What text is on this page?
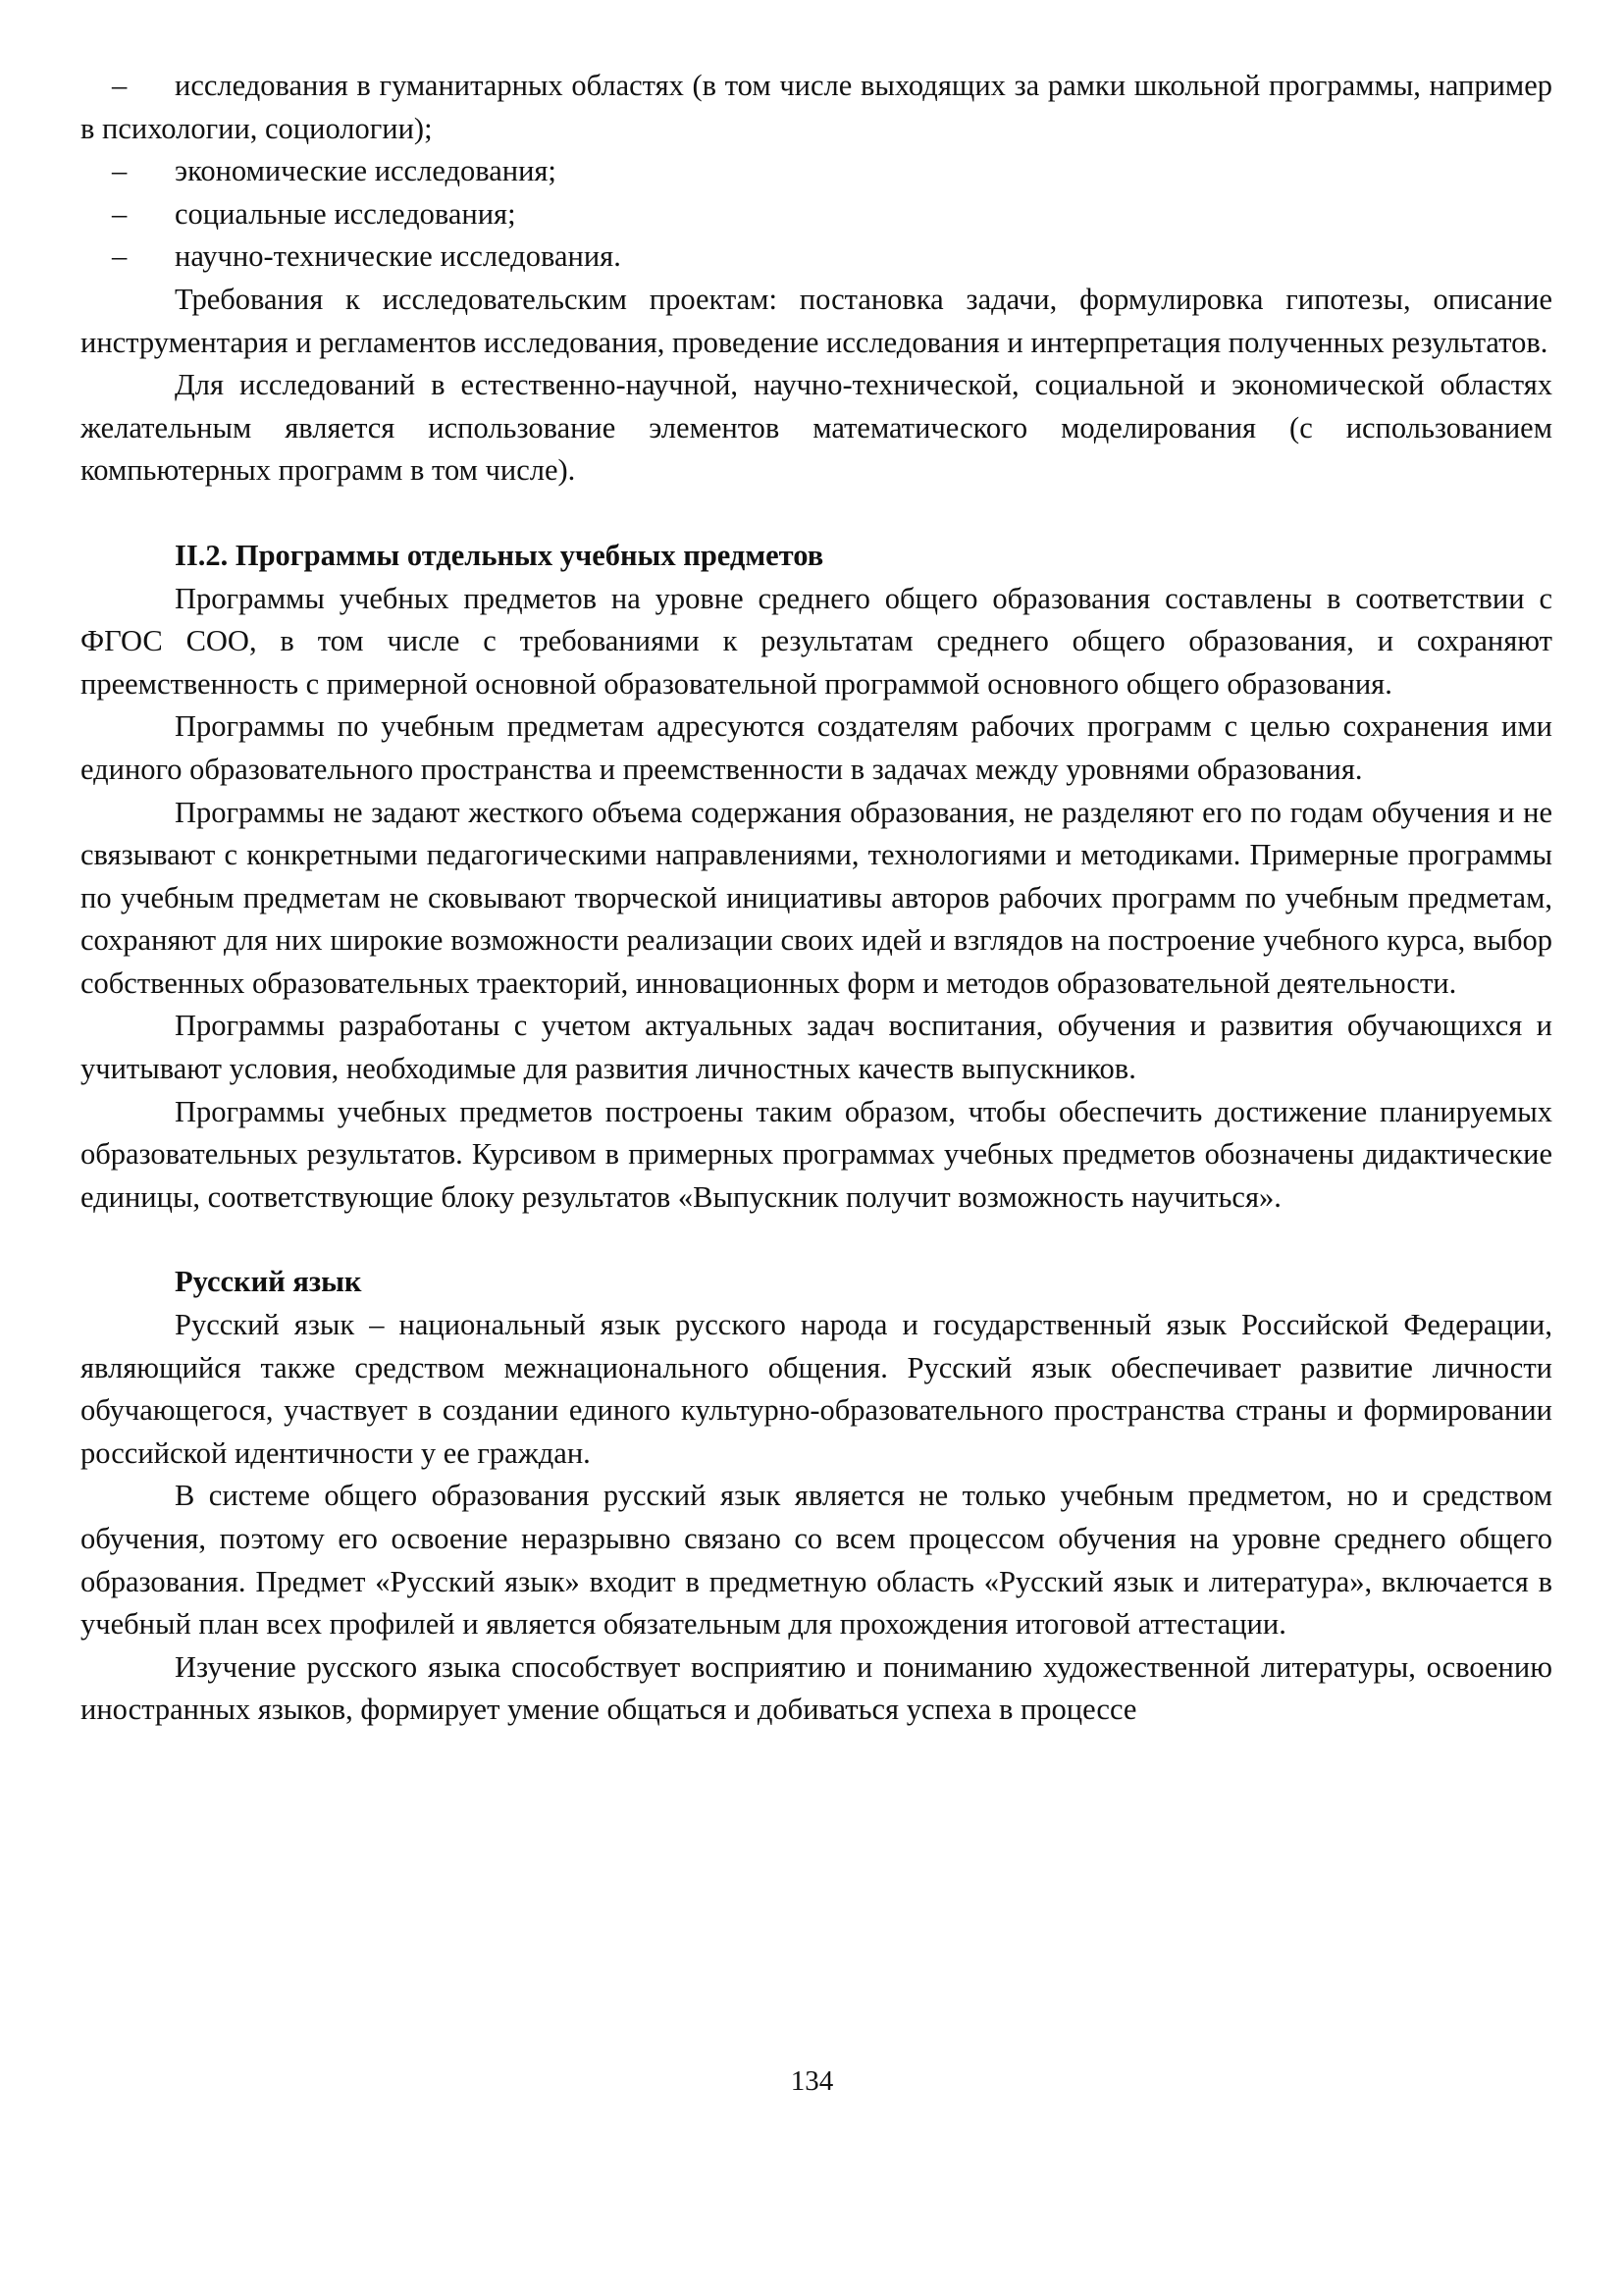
– исследования в гуманитарных областях (в том числе выходящих за рамки школьной программы, например в психологии, социологии);
– экономические исследования;
– социальные исследования;
– научно-технические исследования.

Требования к исследовательским проектам: постановка задачи, формулировка гипотезы, описание инструментария и регламентов исследования, проведение исследования и интерпретация полученных результатов.

Для исследований в естественно-научной, научно-технической, социальной и экономической областях желательным является использование элементов математического моделирования (с использованием компьютерных программ в том числе).

II.2. Программы отдельных учебных предметов

Программы учебных предметов на уровне среднего общего образования составлены в соответствии с ФГОС СОО, в том числе с требованиями к результатам среднего общего образования, и сохраняют преемственность с примерной основной образовательной программой основного общего образования.

Программы по учебным предметам адресуются создателям рабочих программ с целью сохранения ими единого образовательного пространства и преемственности в задачах между уровнями образования.

Программы не задают жесткого объема содержания образования, не разделяют его по годам обучения и не связывают с конкретными педагогическими направлениями, технологиями и методиками. Примерные программы по учебным предметам не сковывают творческой инициативы авторов рабочих программ по учебным предметам, сохраняют для них широкие возможности реализации своих идей и взглядов на построение учебного курса, выбор собственных образовательных траекторий, инновационных форм и методов образовательной деятельности.

Программы разработаны с учетом актуальных задач воспитания, обучения и развития обучающихся и учитывают условия, необходимые для развития личностных качеств выпускников.

Программы учебных предметов построены таким образом, чтобы обеспечить достижение планируемых образовательных результатов. Курсивом в примерных программах учебных предметов обозначены дидактические единицы, соответствующие блоку результатов «Выпускник получит возможность научиться».

Русский язык

Русский язык – национальный язык русского народа и государственный язык Российской Федерации, являющийся также средством межнационального общения. Русский язык обеспечивает развитие личности обучающегося, участвует в создании единого культурно-образовательного пространства страны и формировании российской идентичности у ее граждан.

В системе общего образования русский язык является не только учебным предметом, но и средством обучения, поэтому его освоение неразрывно связано со всем процессом обучения на уровне среднего общего образования. Предмет «Русский язык» входит в предметную область «Русский язык и литература», включается в учебный план всех профилей и является обязательным для прохождения итоговой аттестации.

Изучение русского языка способствует восприятию и пониманию художественной литературы, освоению иностранных языков, формирует умение общаться и добиваться успеха в процессе

134
